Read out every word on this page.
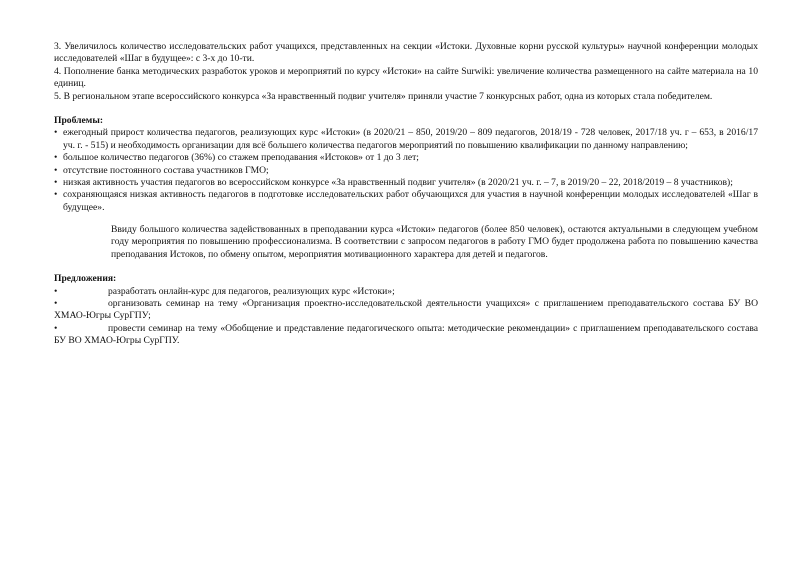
3. Увеличилось количество исследовательских работ учащихся, представленных на секции «Истоки. Духовные корни русской культуры» научной конференции молодых исследователей «Шаг в будущее»: с 3-х до 10-ти.

4. Пополнение банка методических разработок уроков и мероприятий по курсу «Истоки» на сайте Surwiki: увеличение количества размещенного на сайте материала на 10 единиц.

5. В региональном этапе всероссийского конкурса «За нравственный подвиг учителя» приняли участие 7 конкурсных работ, одна из которых стала победителем.

Проблемы:

• ежегодный прирост количества педагогов, реализующих курс «Истоки» (в 2020/21 – 850, 2019/20 – 809 педагогов, 2018/19 - 728 человек, 2017/18 уч. г – 653, в 2016/17 уч. г. - 515) и необходимость организации для всё большего количества педагогов мероприятий по повышению квалификации по данному направлению;
• большое количество педагогов (36%) со стажем преподавания «Истоков» от 1 до 3 лет;
• отсутствие постоянного состава участников ГМО;
• низкая активность участия педагогов во всероссийском конкурсе «За нравственный подвиг учителя» (в 2020/21 уч. г. – 7, в 2019/20 – 22, 2018/2019 – 8 участников);
• сохраняющаяся низкая активность педагогов в подготовке исследовательских работ обучающихся для участия в научной конференции молодых исследователей «Шаг в будущее».

Ввиду большого количества задействованных в преподавании курса «Истоки» педагогов (более 850 человек), остаются актуальными в следующем учебном году мероприятия по повышению профессионализма. В соответствии с запросом педагогов в работу ГМО будет продолжена работа по повышению качества преподавания Истоков, по обмену опытом, мероприятия мотивационного характера для детей и педагогов.

Предложения:

•	разработать онлайн-курс для педагогов, реализующих курс «Истоки»;

•	организовать семинар на тему «Организация проектно-исследовательской деятельности учащихся» с приглашением преподавательского состава БУ ВО ХМАО-Югры СурГПУ;

•	провести семинар на тему «Обобщение и представление педагогического опыта: методические рекомендации» с приглашением преподавательского состава БУ ВО ХМАО-Югры СурГПУ.
